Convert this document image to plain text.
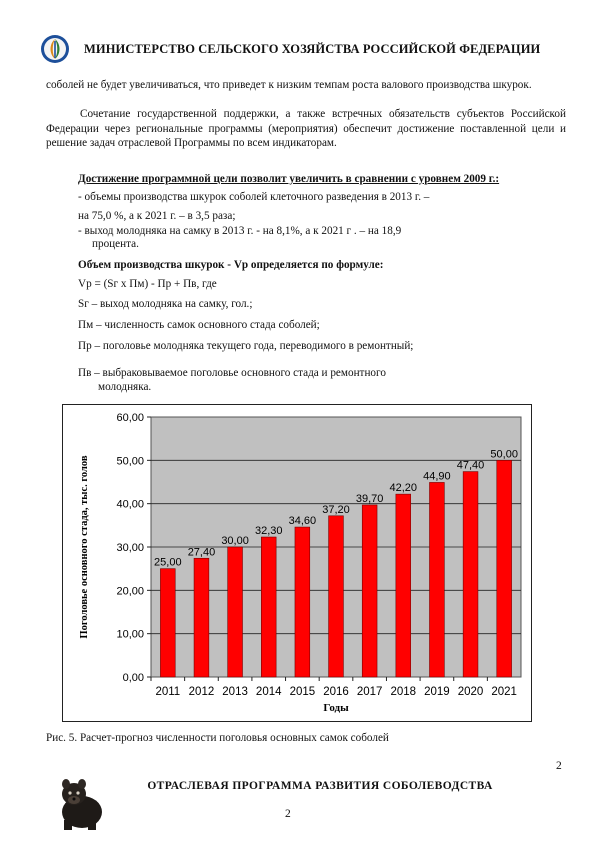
МИНИСТЕРСТВО СЕЛЬСКОГО ХОЗЯЙСТВА РОССИЙСКОЙ ФЕДЕРАЦИИ

соболей не будет увеличиваться, что приведет к низким темпам роста валового производства шкурок.

Сочетание государственной поддержки, а также встречных обязательств субъектов Российской Федерации через региональные программы (мероприятия) обеспечит достижение поставленной цели и решение задач отраслевой Программы по всем индикаторам.

Достижение программной цели позволит увеличить в сравнении с уровнем 2009 г.:
- объемы производства шкурок соболей клеточного разведения в 2013 г. –
на 75,0 %, а к 2021 г. – в 3,5 раза;
- выход молодняка на самку в 2013 г. - на 8,1%, а к 2021 г . – на 18,9
процента.
Объем производства шкурок - Vр определяется по формуле:
Vр = (Sг х Пм) - Пр + Пв, где
Sг – выход молодняка на самку, гол.;
Пм – численность самок основного стада соболей;
Пр – поголовье молодняка текущего года, переводимого в ремонтный;
Пв – выбраковываемое поголовье основного стада и ремонтного
молодняка.
0,00
10,00
20,00
30,00
40,00
50,00
60,00
25,00
2011
27,40
2012
30,00
2013
32,30
2014
34,60
2015
37,20
2016
39,70
2017
42,20
2018
44,90
2019
47,40
2020
50,00
2021
Годы
Поголовье основного стада, тыс. голов
Рис. 5. Расчет-прогноз численности поголовья основных самок соболей
2
ОТРАСЛЕВАЯ ПРОГРАММА РАЗВИТИЯ СОБОЛЕВОДСТВА
2
